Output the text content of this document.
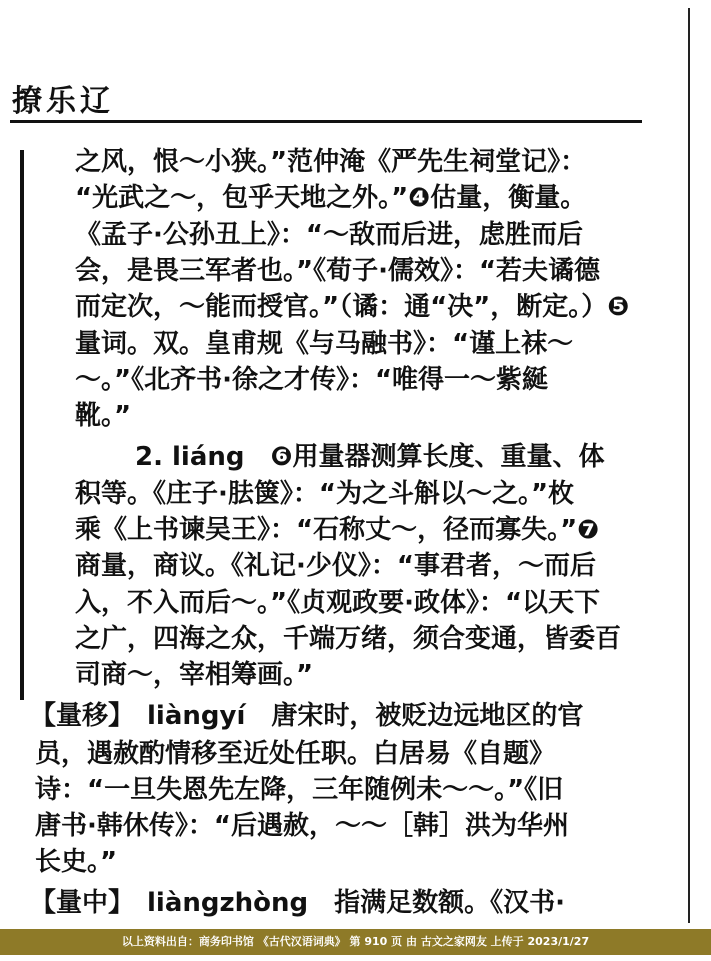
撩乐辽
之风，恨～小狭。”范仲淹《严先生祠堂记》：
“光武之～，包乎天地之外。”❹估量，衡量。
《孟子·公孙丑上》：“～敌而后进，虑胜而后
会，是畏三军者也。”《荀子·儒效》：“若夫谲德
而定次，～能而授官。”（谲：通“决”，断定。）❺
量词。双。皇甫规《与马融书》：“谨上袜～
～。”《北齐书·徐之才传》：“唯得一～紫綖
靴。”
2. liáng　❻用量器测算长度、重量、体
积等。《庄子·胠箧》：“为之斗斛以～之。”枚
乘《上书谏吴王》：“石称丈～，径而寡失。”❼
商量，商议。《礼记·少仪》：“事君者，～而后
入，不入而后～。”《贞观政要·政体》：“以天下
之广，四海之众，千端万绪，须合变通，皆委百
司商～，宰相筹画。”
【量移】　liàngyí　唐宋时，被贬边远地区的官
员，遇赦酌情移至近处任职。白居易《自题》
诗：“一旦失恩先左降，三年随例未～～。”《旧
唐书·韩休传》：“后遇赦，～～［韩］洪为华州
长史。”
【量中】　liàngzhòng　指满足数额。《汉书·
以上资料出自：商务印书馆 《古代汉语词典》 第 910 页 由 古文之家网友 上传于 2023/1/27
